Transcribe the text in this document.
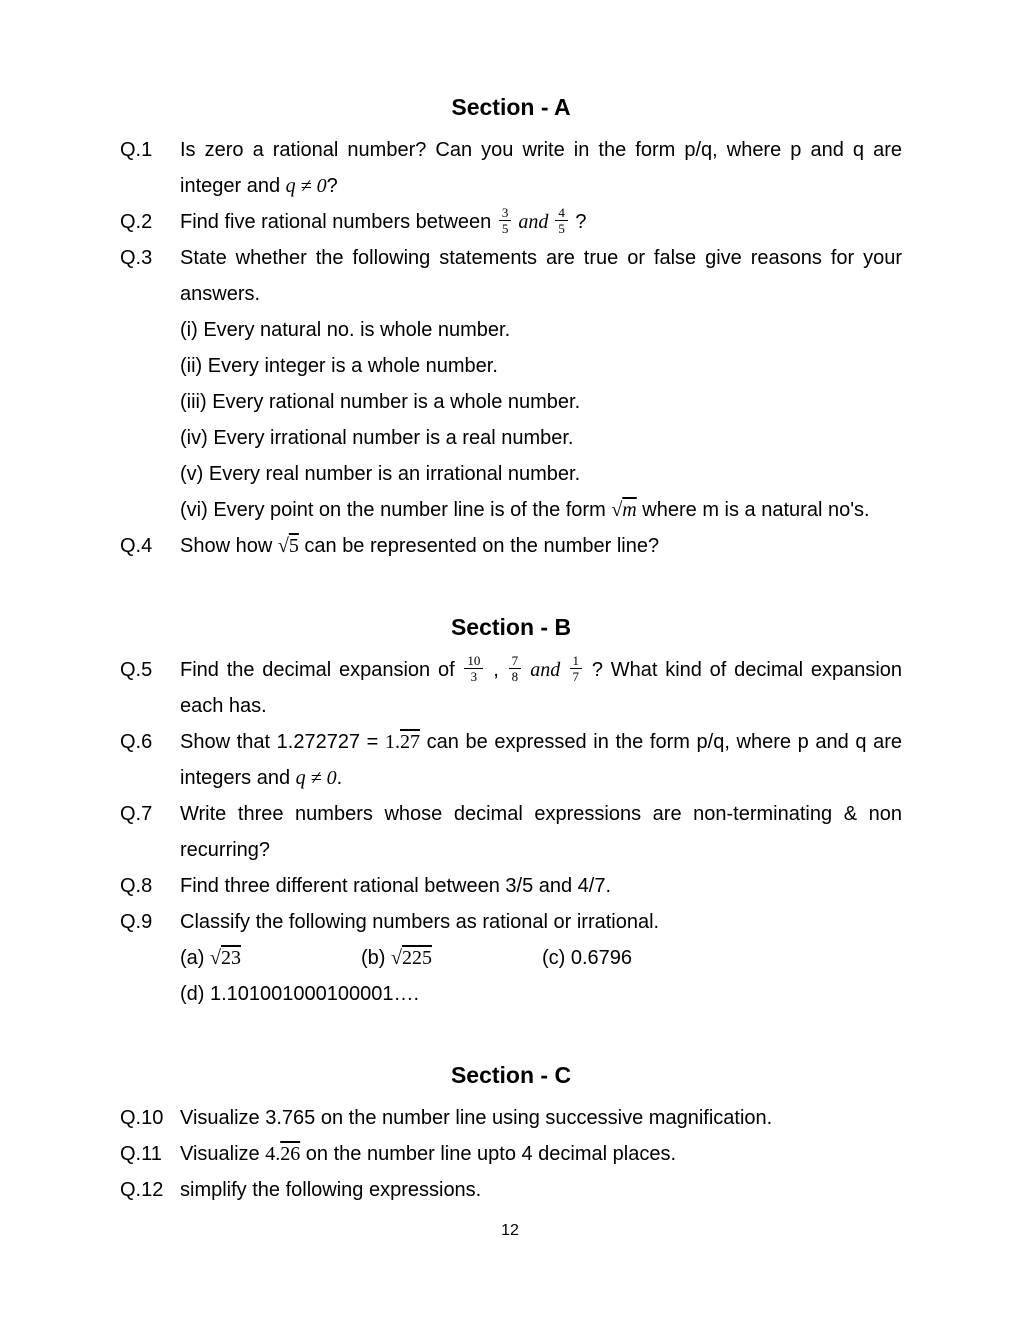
Section - A
Q.1	Is zero a rational number? Can you write in the form p/q, where p and q are integer and q ≠ 0?
Q.2	Find five rational numbers between $\frac{3}{5}$ and $\frac{4}{5}$ ?
Q.3	State whether the following statements are true or false give reasons for your answers.
(i) Every natural no. is whole number.
(ii) Every integer is a whole number.
(iii) Every rational number is a whole number.
(iv) Every irrational number is a real number.
(v) Every real number is an irrational number.
(vi) Every point on the number line is of the form √m where m is a natural no's.
Q.4	Show how √5 can be represented on the number line?
Section - B
Q.5	Find the decimal expansion of $\frac{10}{3}$ , $\frac{7}{8}$ and $\frac{1}{7}$ ? What kind of decimal expansion each has.
Q.6	Show that 1.272727 = 1.27 can be expressed in the form p/q, where p and q are integers and q ≠ 0.
Q.7	Write three numbers whose decimal expressions are non-terminating & non recurring?
Q.8	Find three different rational between 3/5 and 4/7.
Q.9	Classify the following numbers as rational or irrational.
(a) √23	(b) √225	(c) 0.6796
(d) 1.101001000100001….
Section - C
Q.10 Visualize 3.765 on the number line using successive magnification.
Q.11 Visualize 4.26 on the number line upto 4 decimal places.
Q.12 simplify the following expressions.
12
